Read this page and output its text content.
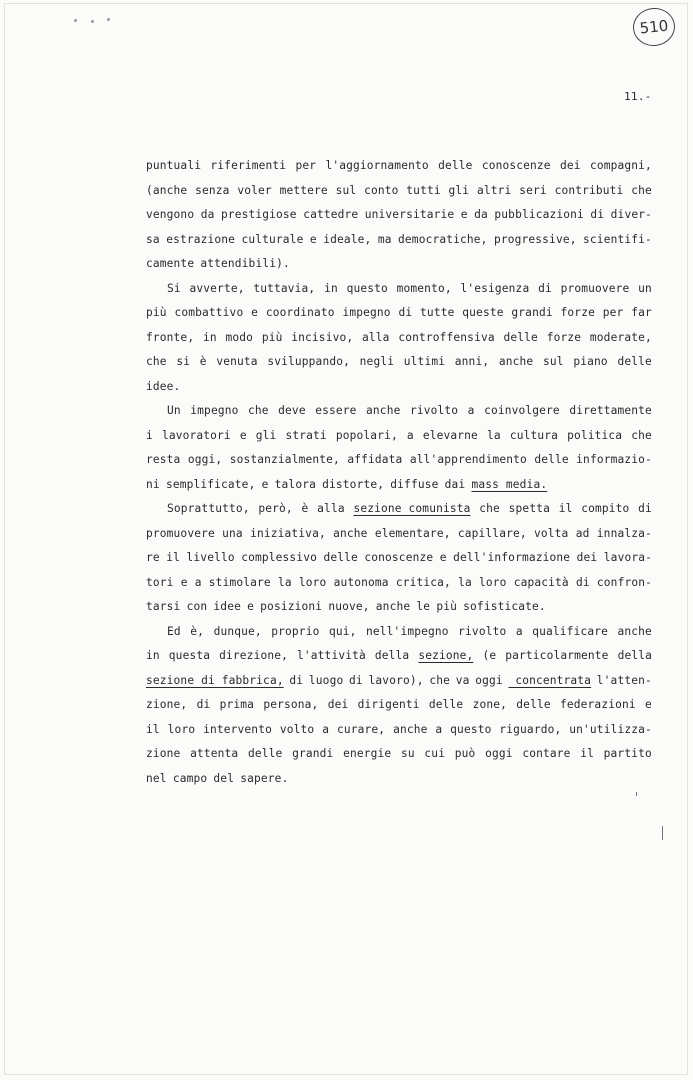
510
11.-
puntuali riferimenti per l'aggiornamento delle conoscenze dei compagni,
(anche senza voler mettere sul conto tutti gli altri seri contributi che
vengono da prestigiose cattedre universitarie e da pubblicazioni di diver-
sa estrazione culturale e ideale, ma democratiche, progressive, scientifi-
camente attendibili).
Si avverte, tuttavia, in questo momento, l'esigenza di promuovere un
più combattivo e coordinato impegno di tutte queste grandi forze per far
fronte, in modo più incisivo, alla controffensiva delle forze moderate,
che si è venuta sviluppando, negli ultimi anni, anche sul piano delle
idee.
Un impegno che deve essere anche rivolto a coinvolgere direttamente
i lavoratori e gli strati popolari, a elevarne la cultura politica che
resta oggi, sostanzialmente, affidata all'apprendimento delle informazio-
ni semplificate, e talora distorte, diffuse dai mass media.
Soprattutto, però, è alla sezione comunista che spetta il compito di
promuovere una iniziativa, anche elementare, capillare, volta ad innalza-
re il livello complessivo delle conoscenze e dell'informazione dei lavora-
tori e a stimolare la loro autonoma critica, la loro capacità di confron-
tarsi con idee e posizioni nuove, anche le più sofisticate.
Ed è, dunque, proprio qui, nell'impegno rivolto a qualificare anche
in questa direzione, l'attività della sezione, (e particolarmente della
sezione di fabbrica, di luogo di lavoro), che va oggi concentrata l'atten-
zione, di prima persona, dei dirigenti delle zone, delle federazioni e
il loro intervento volto a curare, anche a questo riguardo, un'utilizza-
zione attenta delle grandi energie su cui può oggi contare il partito
nel campo del sapere.
